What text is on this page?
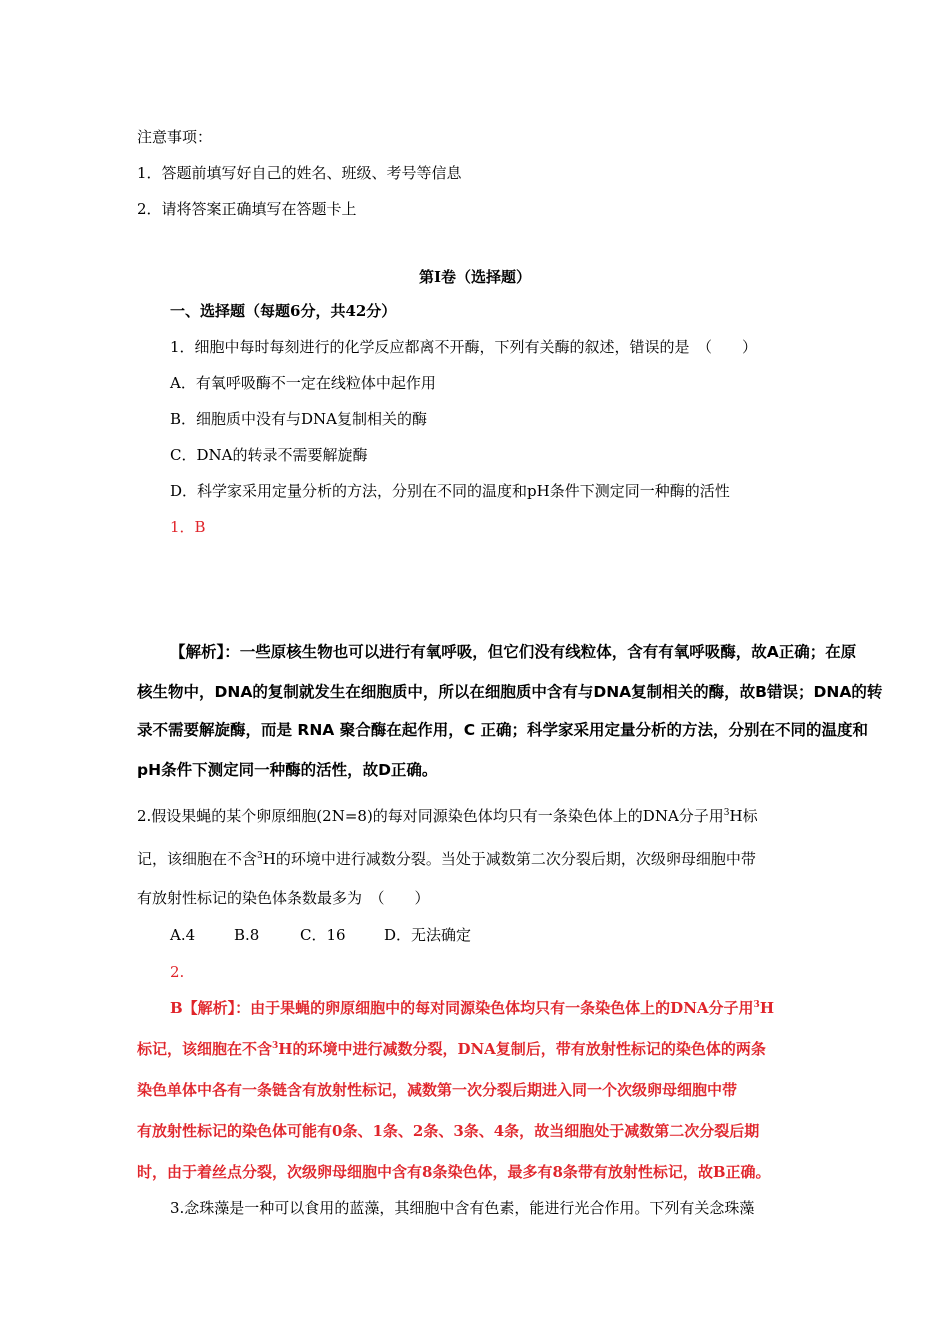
注意事项：
1．答题前填写好自己的姓名、班级、考号等信息
2．请将答案正确填写在答题卡上
第I卷（选择题）
一、选择题（每题6分，共42分）
1．细胞中每时每刻进行的化学反应都离不开酶，下列有关酶的叙述，错误的是　（　　）
A．有氧呼吸酶不一定在线粒体中起作用
B．细胞质中没有与DNA复制相关的酶
C．DNA的转录不需要解旋酶
D．科学家采用定量分析的方法，分别在不同的温度和pH条件下测定同一种酶的活性
1．B
【解析】：一些原核生物也可以进行有氧呼吸，但它们没有线粒体，含有有氧呼吸酶，故A正确；在原
核生物中，DNA的复制就发生在细胞质中，所以在细胞质中含有与DNA复制相关的酶，故B错误；DNA的转
录不需要解旋酶，而是 RNA 聚合酶在起作用，C 正确；科学家采用定量分析的方法，分别在不同的温度和
pH条件下测定同一种酶的活性，故D正确。
2.假设果蝇的某个卵原细胞(2N=8)的每对同源染色体均只有一条染色体上的DNA分子用$^3$H标
记，该细胞在不含$^3$H的环境中进行减数分裂。当处于减数第二次分裂后期，次级卵母细胞中带
有放射性标记的染色体条数最多为　（　　）
A.4	B.8	C．16	D．无法确定
2.
B【解析】：由于果蝇的卵原细胞中的每对同源染色体均只有一条染色体上的DNA分子用$^3$H
标记，该细胞在不含$^3$H的环境中进行减数分裂，DNA复制后，带有放射性标记的染色体的两条
染色单体中各有一条链含有放射性标记，减数第一次分裂后期进入同一个次级卵母细胞中带
有放射性标记的染色体可能有0条、1条、2条、3条、4条，故当细胞处于减数第二次分裂后期
时，由于着丝点分裂，次级卵母细胞中含有8条染色体，最多有8条带有放射性标记，故B正确。
3.念珠藻是一种可以食用的蓝藻，其细胞中含有色素，能进行光合作用。下列有关念珠藻
